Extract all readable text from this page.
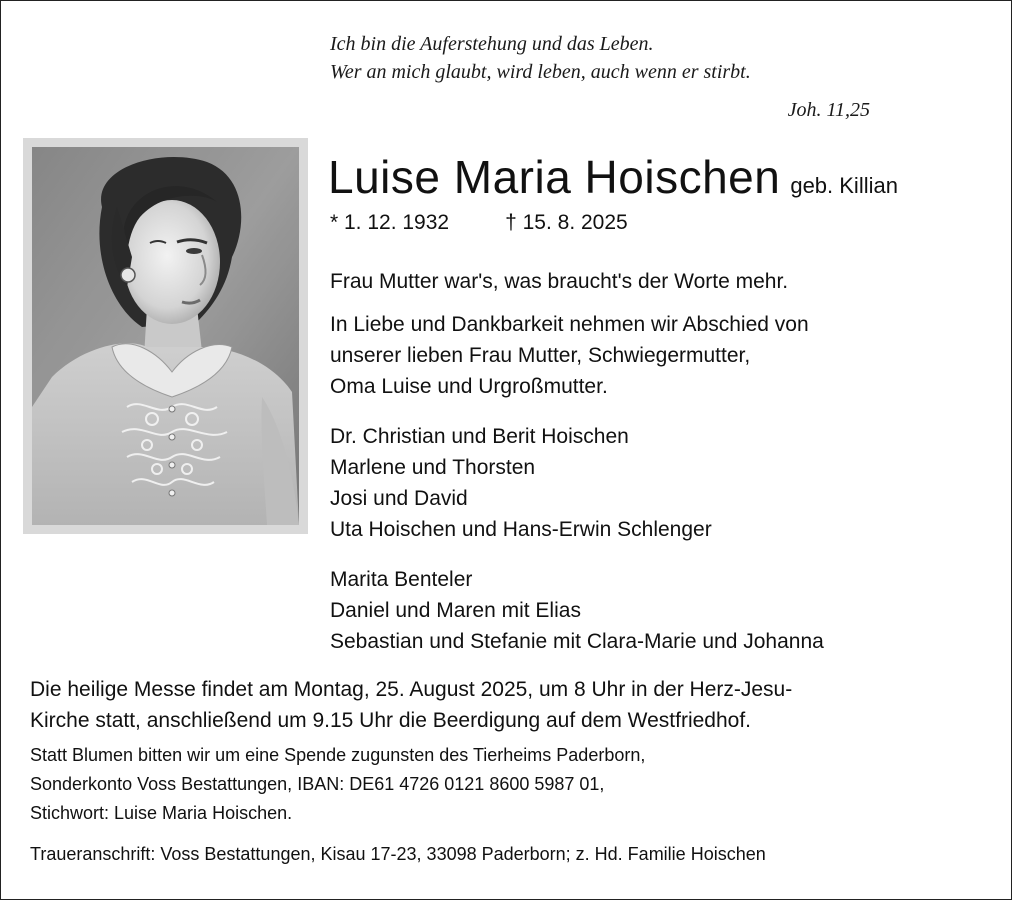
Ich bin die Auferstehung und das Leben.
Wer an mich glaubt, wird leben, auch wenn er stirbt.
Joh. 11,25
Luise Maria Hoischen geb. Killian
* 1. 12. 1932	† 15. 8. 2025
Frau Mutter war's, was braucht's der Worte mehr.
In Liebe und Dankbarkeit nehmen wir Abschied von
unserer lieben Frau Mutter, Schwiegermutter,
Oma Luise und Urgroßmutter.
Dr. Christian und Berit Hoischen
Marlene und Thorsten
Josi und David
Uta Hoischen und Hans-Erwin Schlenger
Marita Benteler
Daniel und Maren mit Elias
Sebastian und Stefanie mit Clara-Marie und Johanna
Die heilige Messe findet am Montag, 25. August 2025, um 8 Uhr in der Herz-Jesu-
Kirche statt, anschließend um 9.15 Uhr die Beerdigung auf dem Westfriedhof.
Statt Blumen bitten wir um eine Spende zugunsten des Tierheims Paderborn,
Sonderkonto Voss Bestattungen, IBAN: DE61 4726 0121 8600 5987 01,
Stichwort: Luise Maria Hoischen.
Traueranschrift: Voss Bestattungen, Kisau 17-23, 33098 Paderborn; z. Hd. Familie Hoischen
